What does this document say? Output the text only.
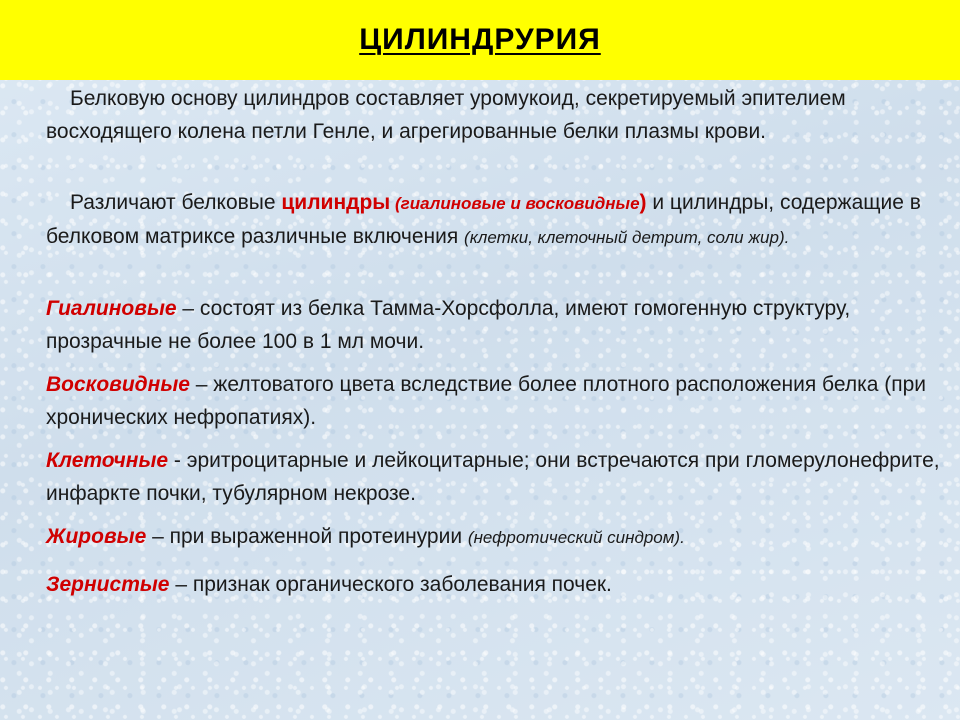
ЦИЛИНДРУРИЯ

Белковую основу цилиндров составляет уромукоид, секретируемый эпителием восходящего колена петли Генле, и агрегированные белки плазмы крови.

Различают белковые цилиндры (гиалиновые и восковидные) и цилиндры, содержащие в белковом матриксе различные включения (клетки, клеточный детрит, соли жир).

Гиалиновые – состоят из белка Тамма-Хорсфолла, имеют гомогенную структуру, прозрачные не более 100 в 1 мл мочи.

Восковидные – желтоватого цвета вследствие более плотного расположения белка (при хронических нефропатиях).

Клеточные - эритроцитарные и лейкоцитарные; они встречаются при гломерулонефрите, инфаркте почки, тубулярном некрозе.

Жировые – при выраженной протеинурии (нефротический синдром).

Зернистые – признак органического заболевания почек.
